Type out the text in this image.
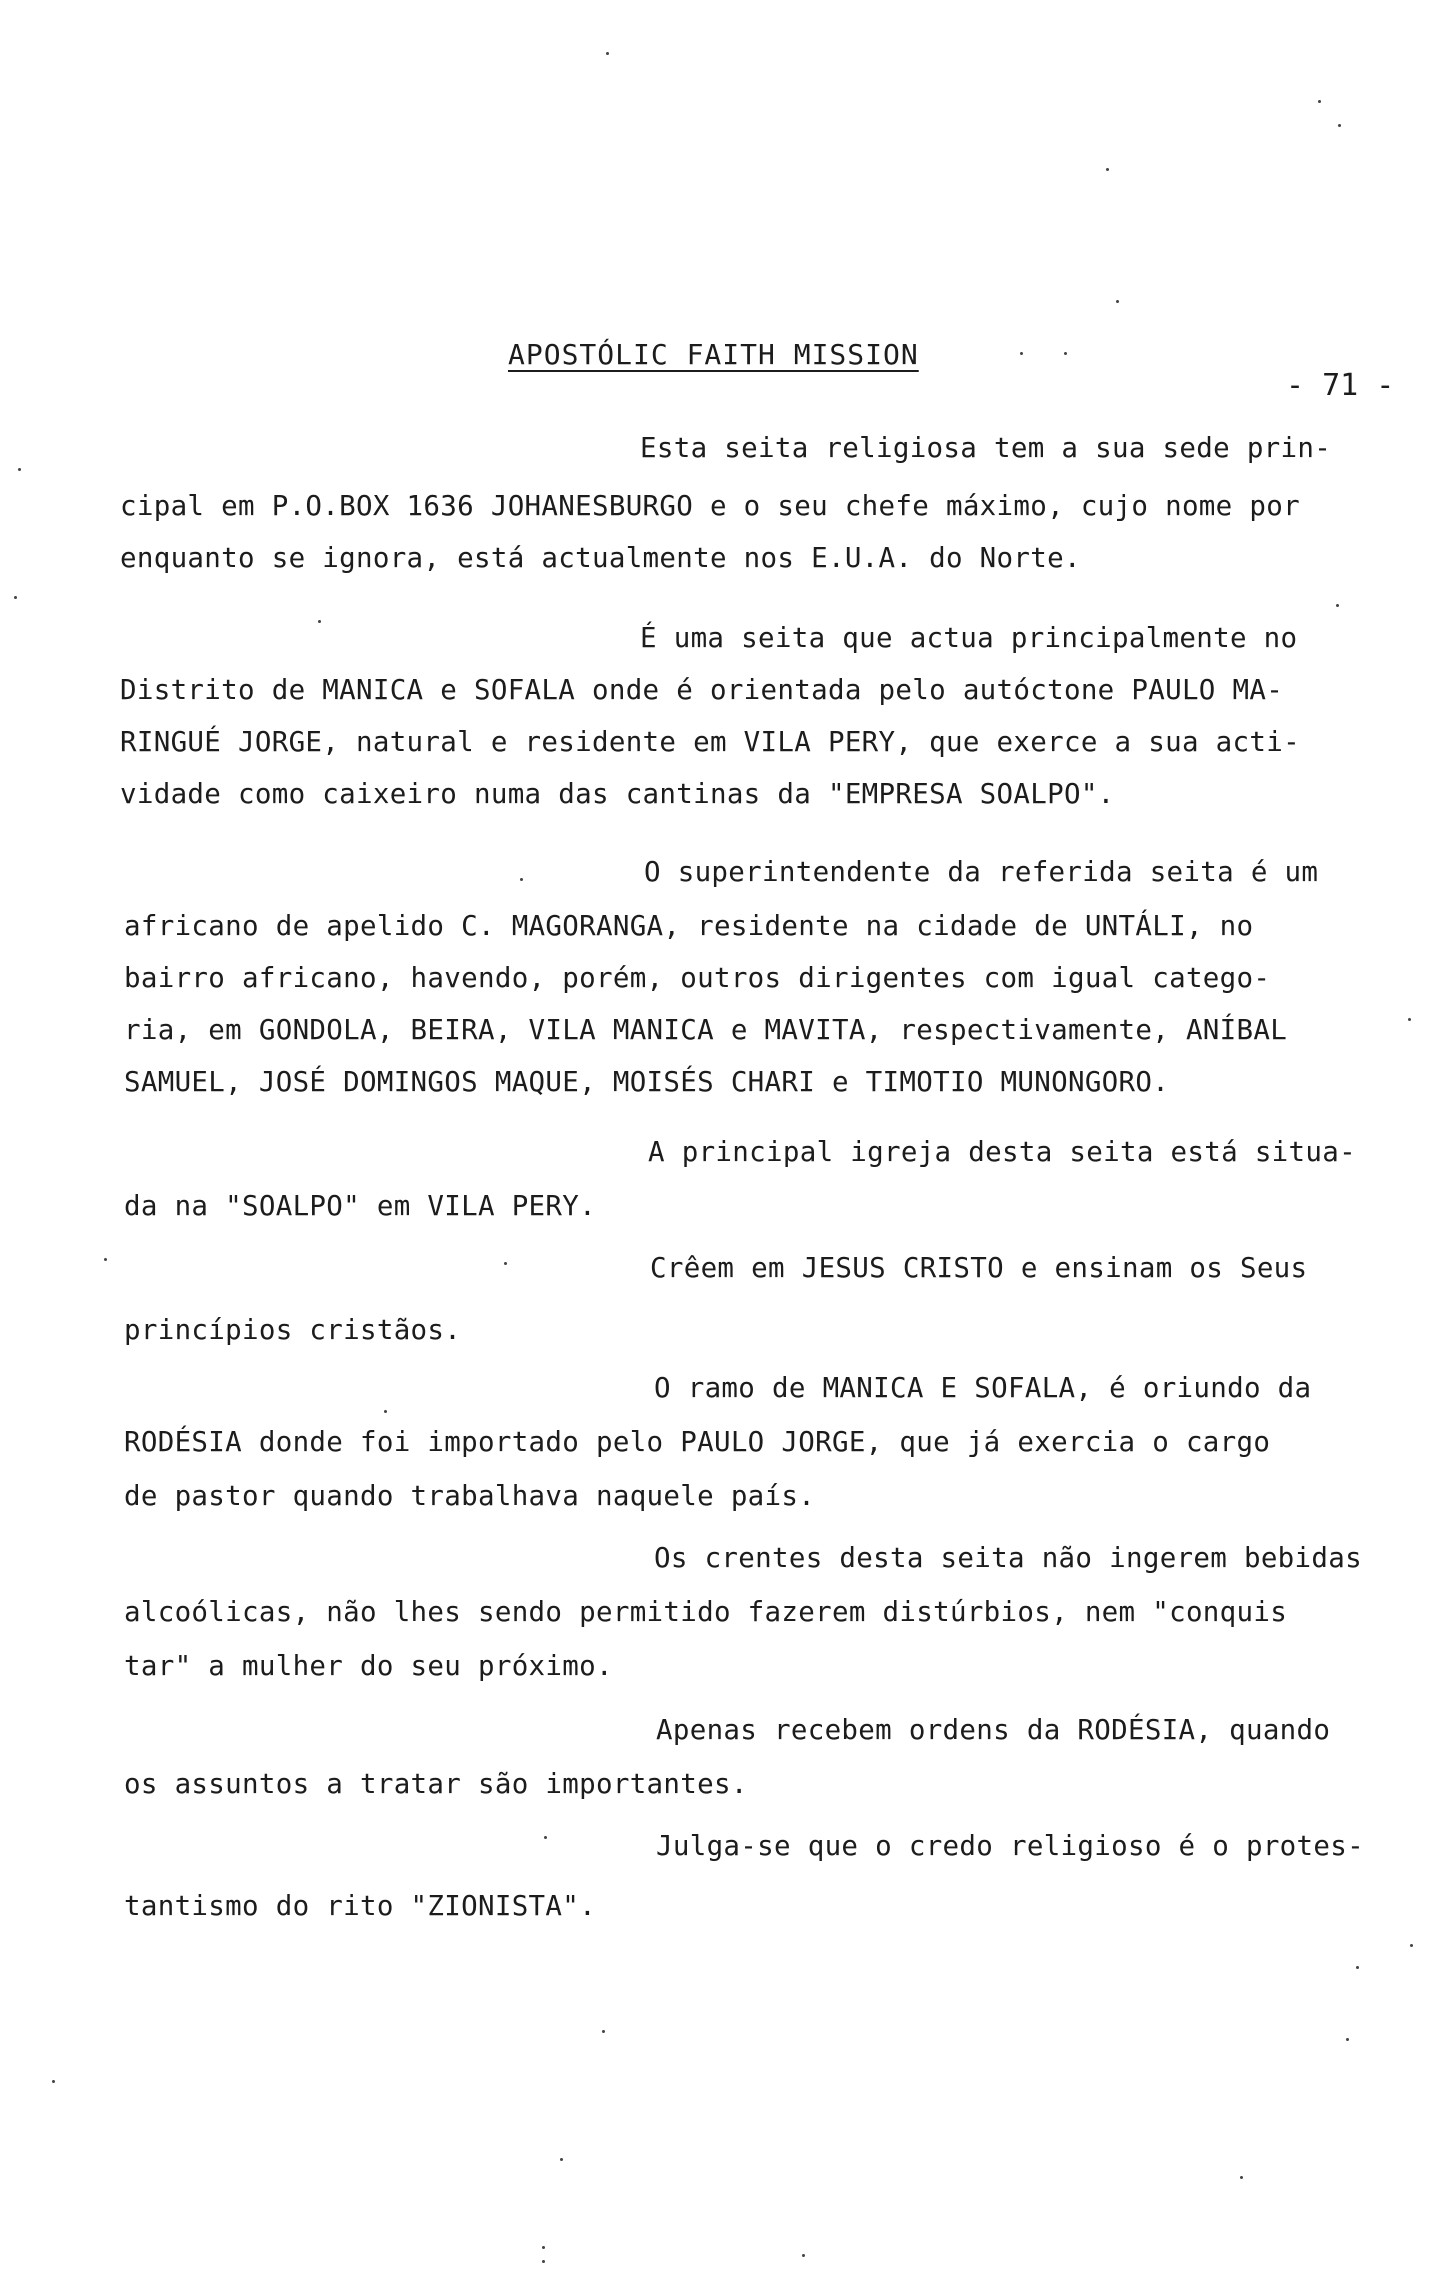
APOSTÓLIC FAITH MISSION
- 71 -
Esta seita religiosa tem a sua sede prin-
cipal em P.O.BOX 1636 JOHANESBURGO e o seu chefe máximo, cujo nome por
enquanto se ignora, está actualmente nos E.U.A. do Norte.
É uma seita que actua principalmente no
Distrito de MANICA e SOFALA onde é orientada pelo autóctone PAULO MA-
RINGUÉ JORGE, natural e residente em VILA PERY, que exerce a sua acti-
vidade como caixeiro numa das cantinas da "EMPRESA SOALPO".
O superintendente da referida seita é um
africano de apelido C. MAGORANGA, residente na cidade de UNTÁLI, no
bairro africano, havendo, porém, outros dirigentes com igual catego-
ria, em GONDOLA, BEIRA, VILA MANICA e MAVITA, respectivamente, ANÍBAL
SAMUEL, JOSÉ DOMINGOS MAQUE, MOISÉS CHARI e TIMOTIO MUNONGORO.
A principal igreja desta seita está situa-
da na "SOALPO" em VILA PERY.
Crêem em JESUS CRISTO e ensinam os Seus
princípios cristãos.
O ramo de MANICA E SOFALA, é oriundo da
RODÉSIA donde foi importado pelo PAULO JORGE, que já exercia o cargo
de pastor quando trabalhava naquele país.
Os crentes desta seita não ingerem bebidas
alcoólicas, não lhes sendo permitido fazerem distúrbios, nem "conquis
tar" a mulher do seu próximo.
Apenas recebem ordens da RODÉSIA, quando
os assuntos a tratar são importantes.
Julga-se que o credo religioso é o protes-
tantismo do rito "ZIONISTA".
